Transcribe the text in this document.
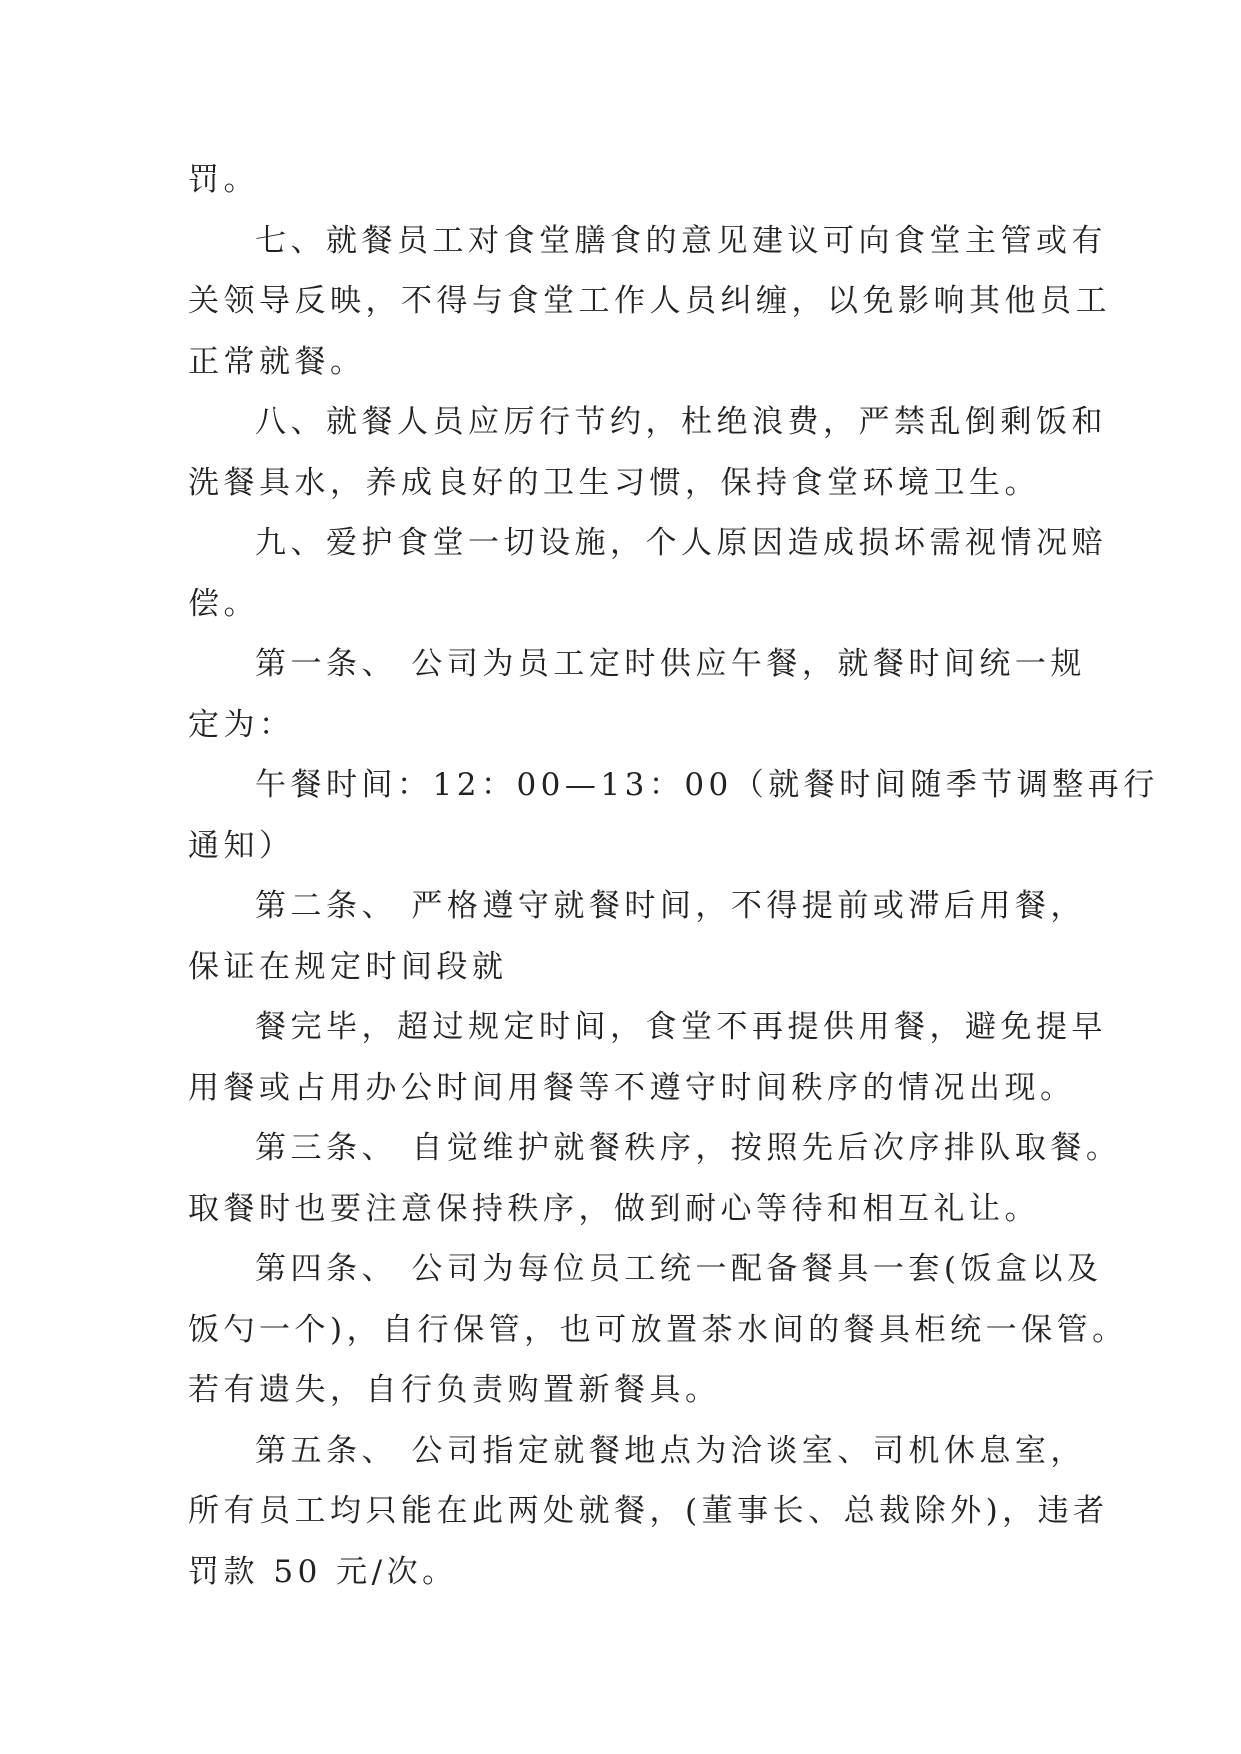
罚。
七、就餐员工对食堂膳食的意见建议可向食堂主管或有
关领导反映，不得与食堂工作人员纠缠，以免影响其他员工
正常就餐。
八、就餐人员应厉行节约，杜绝浪费，严禁乱倒剩饭和
洗餐具水，养成良好的卫生习惯，保持食堂环境卫生。
九、爱护食堂一切设施，个人原因造成损坏需视情况赔
偿。
第一条、 公司为员工定时供应午餐，就餐时间统一规
定为：
午餐时间：12：00—13：00（就餐时间随季节调整再行
通知）
第二条、 严格遵守就餐时间，不得提前或滞后用餐，
保证在规定时间段就
餐完毕，超过规定时间，食堂不再提供用餐，避免提早
用餐或占用办公时间用餐等不遵守时间秩序的情况出现。
第三条、 自觉维护就餐秩序，按照先后次序排队取餐。
取餐时也要注意保持秩序，做到耐心等待和相互礼让。
第四条、 公司为每位员工统一配备餐具一套(饭盒以及
饭勺一个)，自行保管，也可放置茶水间的餐具柜统一保管。
若有遗失，自行负责购置新餐具。
第五条、 公司指定就餐地点为洽谈室、司机休息室，
所有员工均只能在此两处就餐，(董事长、总裁除外)，违者
罚款 50 元/次。
